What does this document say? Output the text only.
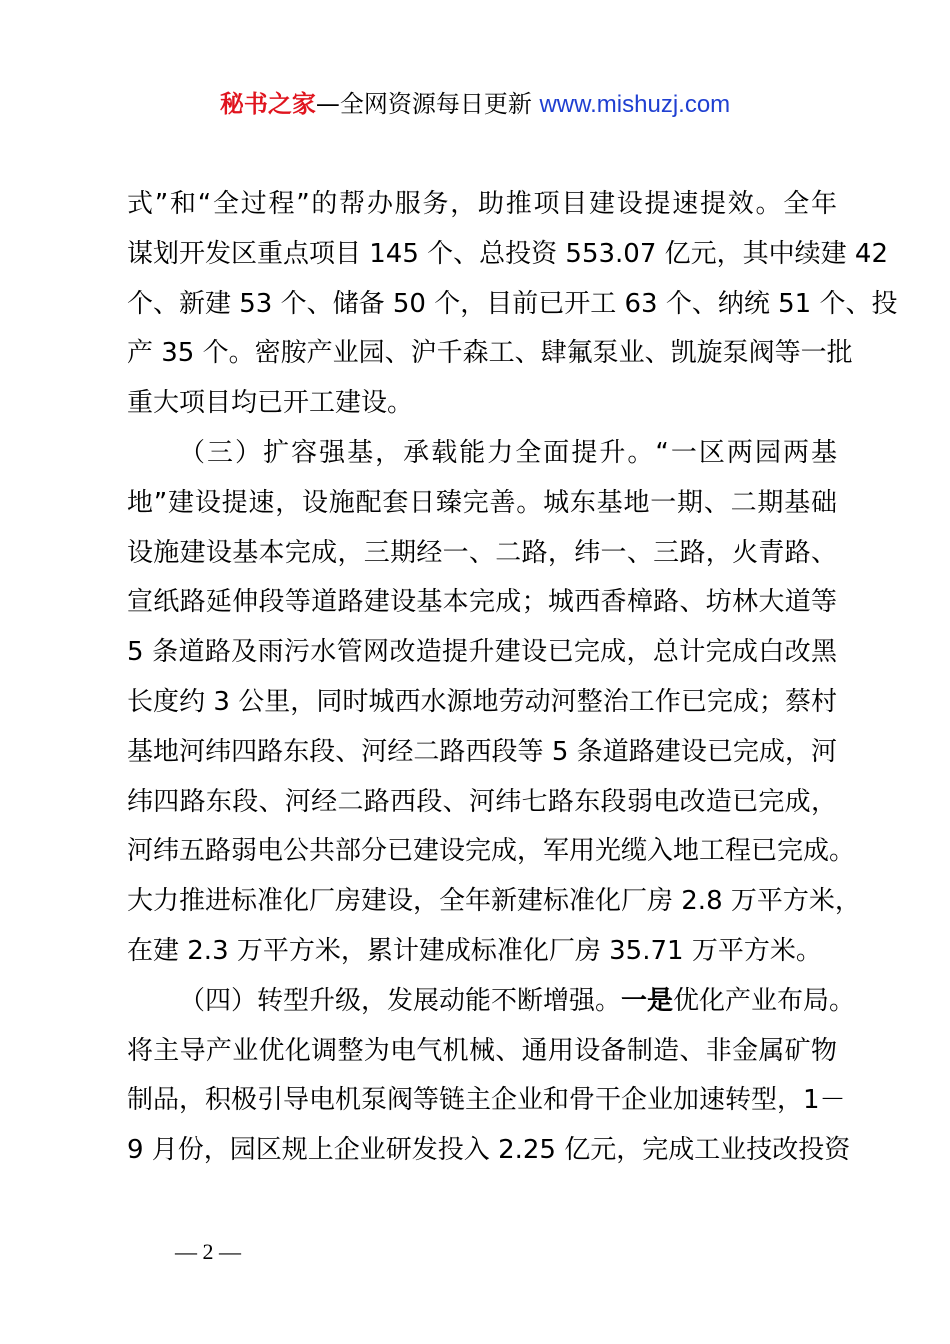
秘书之家—全网资源每日更新 www.mishuzj.com
式”和“全过程”的帮办服务，助推项目建设提速提效。全年
谋划开发区重点项目 145 个、总投资 553.07 亿元，其中续建 42
个、新建 53 个、储备 50 个，目前已开工 63 个、纳统 51 个、投
产 35 个。密胺产业园、沪千森工、肆氟泵业、凯旋泵阀等一批
重大项目均已开工建设。
（三）扩容强基，承载能力全面提升。“一区两园两基
地”建设提速，设施配套日臻完善。城东基地一期、二期基础
设施建设基本完成，三期经一、二路，纬一、三路，火青路、
宣纸路延伸段等道路建设基本完成；城西香樟路、坊林大道等
5 条道路及雨污水管网改造提升建设已完成，总计完成白改黑
长度约 3 公里，同时城西水源地劳动河整治工作已完成；蔡村
基地河纬四路东段、河经二路西段等 5 条道路建设已完成，河
纬四路东段、河经二路西段、河纬七路东段弱电改造已完成，
河纬五路弱电公共部分已建设完成，军用光缆入地工程已完成。
大力推进标准化厂房建设，全年新建标准化厂房 2.8 万平方米，
在建 2.3 万平方米，累计建成标准化厂房 35.71 万平方米。
（四）转型升级，发展动能不断增强。一是优化产业布局。
将主导产业优化调整为电气机械、通用设备制造、非金属矿物
制品，积极引导电机泵阀等链主企业和骨干企业加速转型，1－
9 月份，园区规上企业研发投入 2.25 亿元，完成工业技改投资
— 2 —
